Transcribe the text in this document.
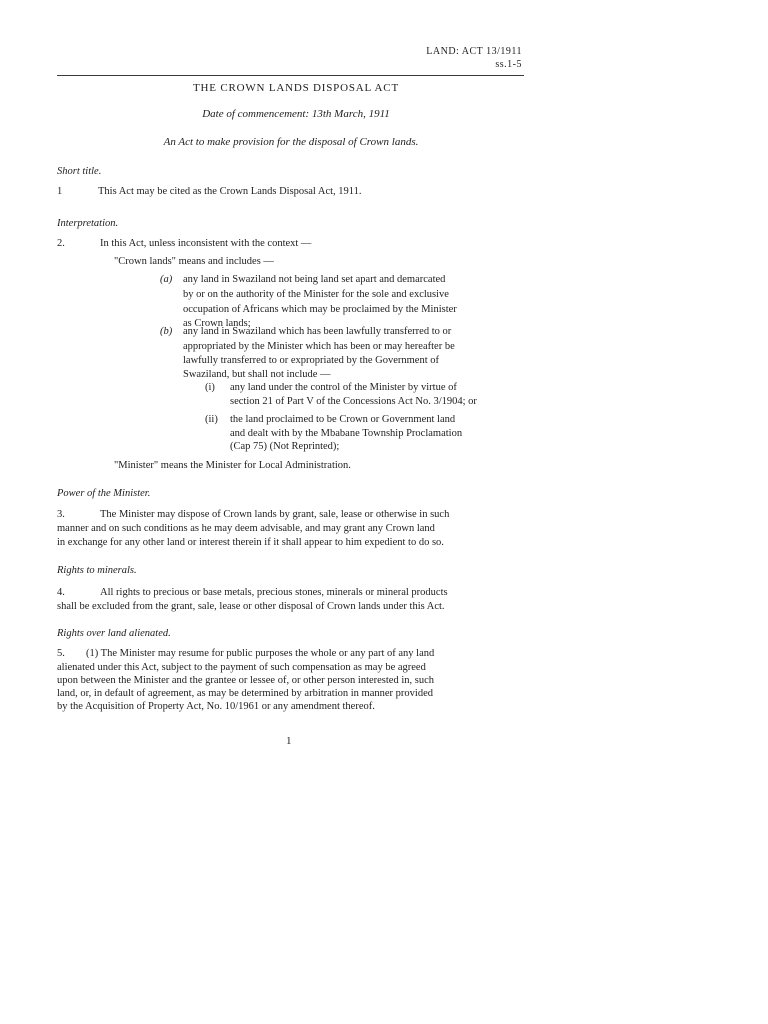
LAND: ACT 13/1911
ss.1-5
THE CROWN LANDS DISPOSAL ACT
Date of commencement: 13th March, 1911
An Act to make provision for the disposal of Crown lands.
Short title.
1	This Act may be cited as the Crown Lands Disposal Act, 1911.
Interpretation.
2.	In this Act, unless inconsistent with the context —
"Crown lands" means and includes —
(a) any land in Swaziland not being land set apart and demarcated
by or on the authority of the Minister for the sole and exclusive
occupation of Africans which may be proclaimed by the Minister
as Crown lands;
(b) any land in Swaziland which has been lawfully transferred to or
appropriated by the Minister which has been or may hereafter be
lawfully transferred to or expropriated by the Government of
Swaziland, but shall not include —
(i) any land under the control of the Minister by virtue of
section 21 of Part V of the Concessions Act No. 3/1904; or
(ii) the land proclaimed to be Crown or Government land
and dealt with by the Mbabane Township Proclamation
(Cap 75) (Not Reprinted);
"Minister" means the Minister for Local Administration.
Power of the Minister.
3.	The Minister may dispose of Crown lands by grant, sale, lease or otherwise in such
manner and on such conditions as he may deem advisable, and may grant any Crown land
in exchange for any other land or interest therein if it shall appear to him expedient to do so.
Rights to minerals.
4.	All rights to precious or base metals, precious stones, minerals or mineral products
shall be excluded from the grant, sale, lease or other disposal of Crown lands under this Act.
Rights over land alienated.
5. (1) The Minister may resume for public purposes the whole or any part of any land
alienated under this Act, subject to the payment of such compensation as may be agreed
upon between the Minister and the grantee or lessee of, or other person interested in, such
land, or, in default of agreement, as may be determined by arbitration in manner provided
by the Acquisition of Property Act, No. 10/1961 or any amendment thereof.
1
